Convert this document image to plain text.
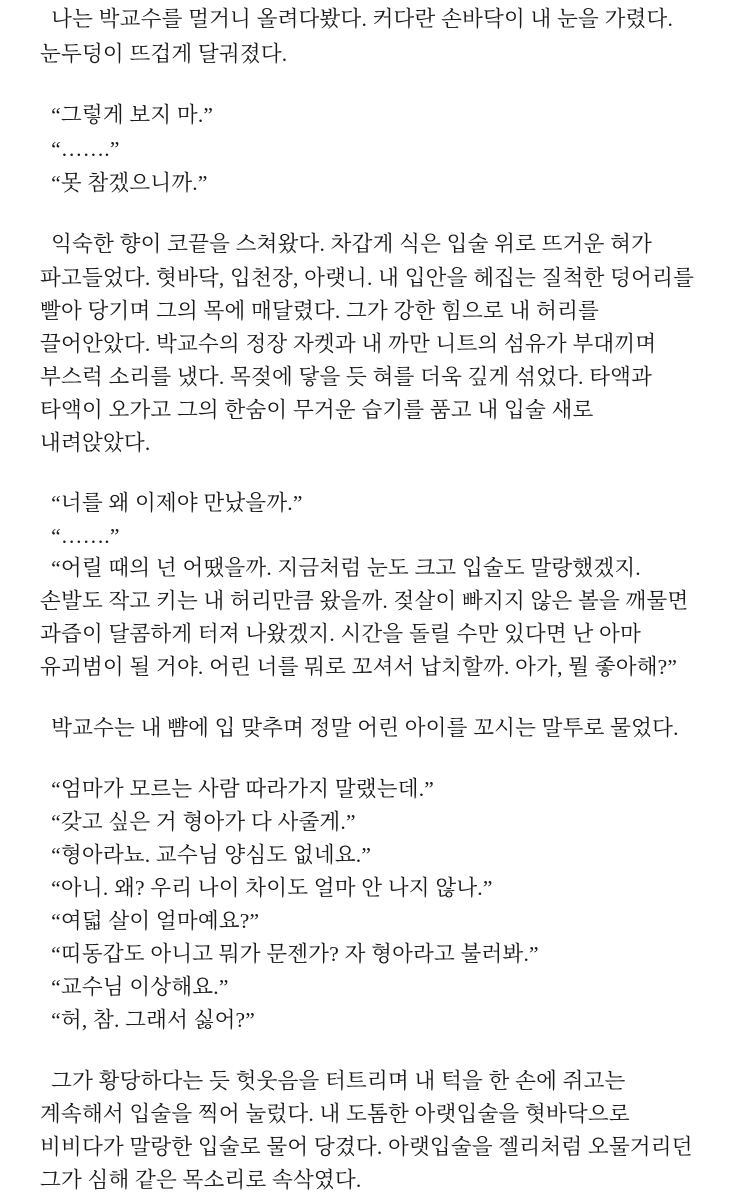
나는 박교수를 멀거니 올려다봤다. 커다란 손바닥이 내 눈을 가렸다.
눈두덩이 뜨겁게 달궈졌다.
“그렇게 보지 마.”
“…….”
“못 참겠으니까.”
익숙한 향이 코끝을 스쳐왔다. 차갑게 식은 입술 위로 뜨거운 혀가
파고들었다. 혓바닥, 입천장, 아랫니. 내 입안을 헤집는 질척한 덩어리를
빨아 당기며 그의 목에 매달렸다. 그가 강한 힘으로 내 허리를
끌어안았다. 박교수의 정장 자켓과 내 까만 니트의 섬유가 부대끼며
부스럭 소리를 냈다. 목젖에 닿을 듯 혀를 더욱 깊게 섞었다. 타액과
타액이 오가고 그의 한숨이 무거운 습기를 품고 내 입술 새로
내려앉았다.
“너를 왜 이제야 만났을까.”
“…….”
“어릴 때의 넌 어땠을까. 지금처럼 눈도 크고 입술도 말랑했겠지.
손발도 작고 키는 내 허리만큼 왔을까. 젖살이 빠지지 않은 볼을 깨물면
과즙이 달콤하게 터져 나왔겠지. 시간을 돌릴 수만 있다면 난 아마
유괴범이 될 거야. 어린 너를 뭐로 꼬셔서 납치할까. 아가, 뭘 좋아해?”
박교수는 내 뺨에 입 맞추며 정말 어린 아이를 꼬시는 말투로 물었다.
“엄마가 모르는 사람 따라가지 말랬는데.”
“갖고 싶은 거 형아가 다 사줄게.”
“형아라뇨. 교수님 양심도 없네요.”
“아니. 왜? 우리 나이 차이도 얼마 안 나지 않나.”
“여덟 살이 얼마예요?”
“띠동갑도 아니고 뭐가 문젠가? 자 형아라고 불러봐.”
“교수님 이상해요.”
“허, 참. 그래서 싫어?”
그가 황당하다는 듯 헛웃음을 터트리며 내 턱을 한 손에 쥐고는
계속해서 입술을 찍어 눌렀다. 내 도톰한 아랫입술을 혓바닥으로
비비다가 말랑한 입술로 물어 당겼다. 아랫입술을 젤리처럼 오물거리던
그가 심해 같은 목소리로 속삭였다.
